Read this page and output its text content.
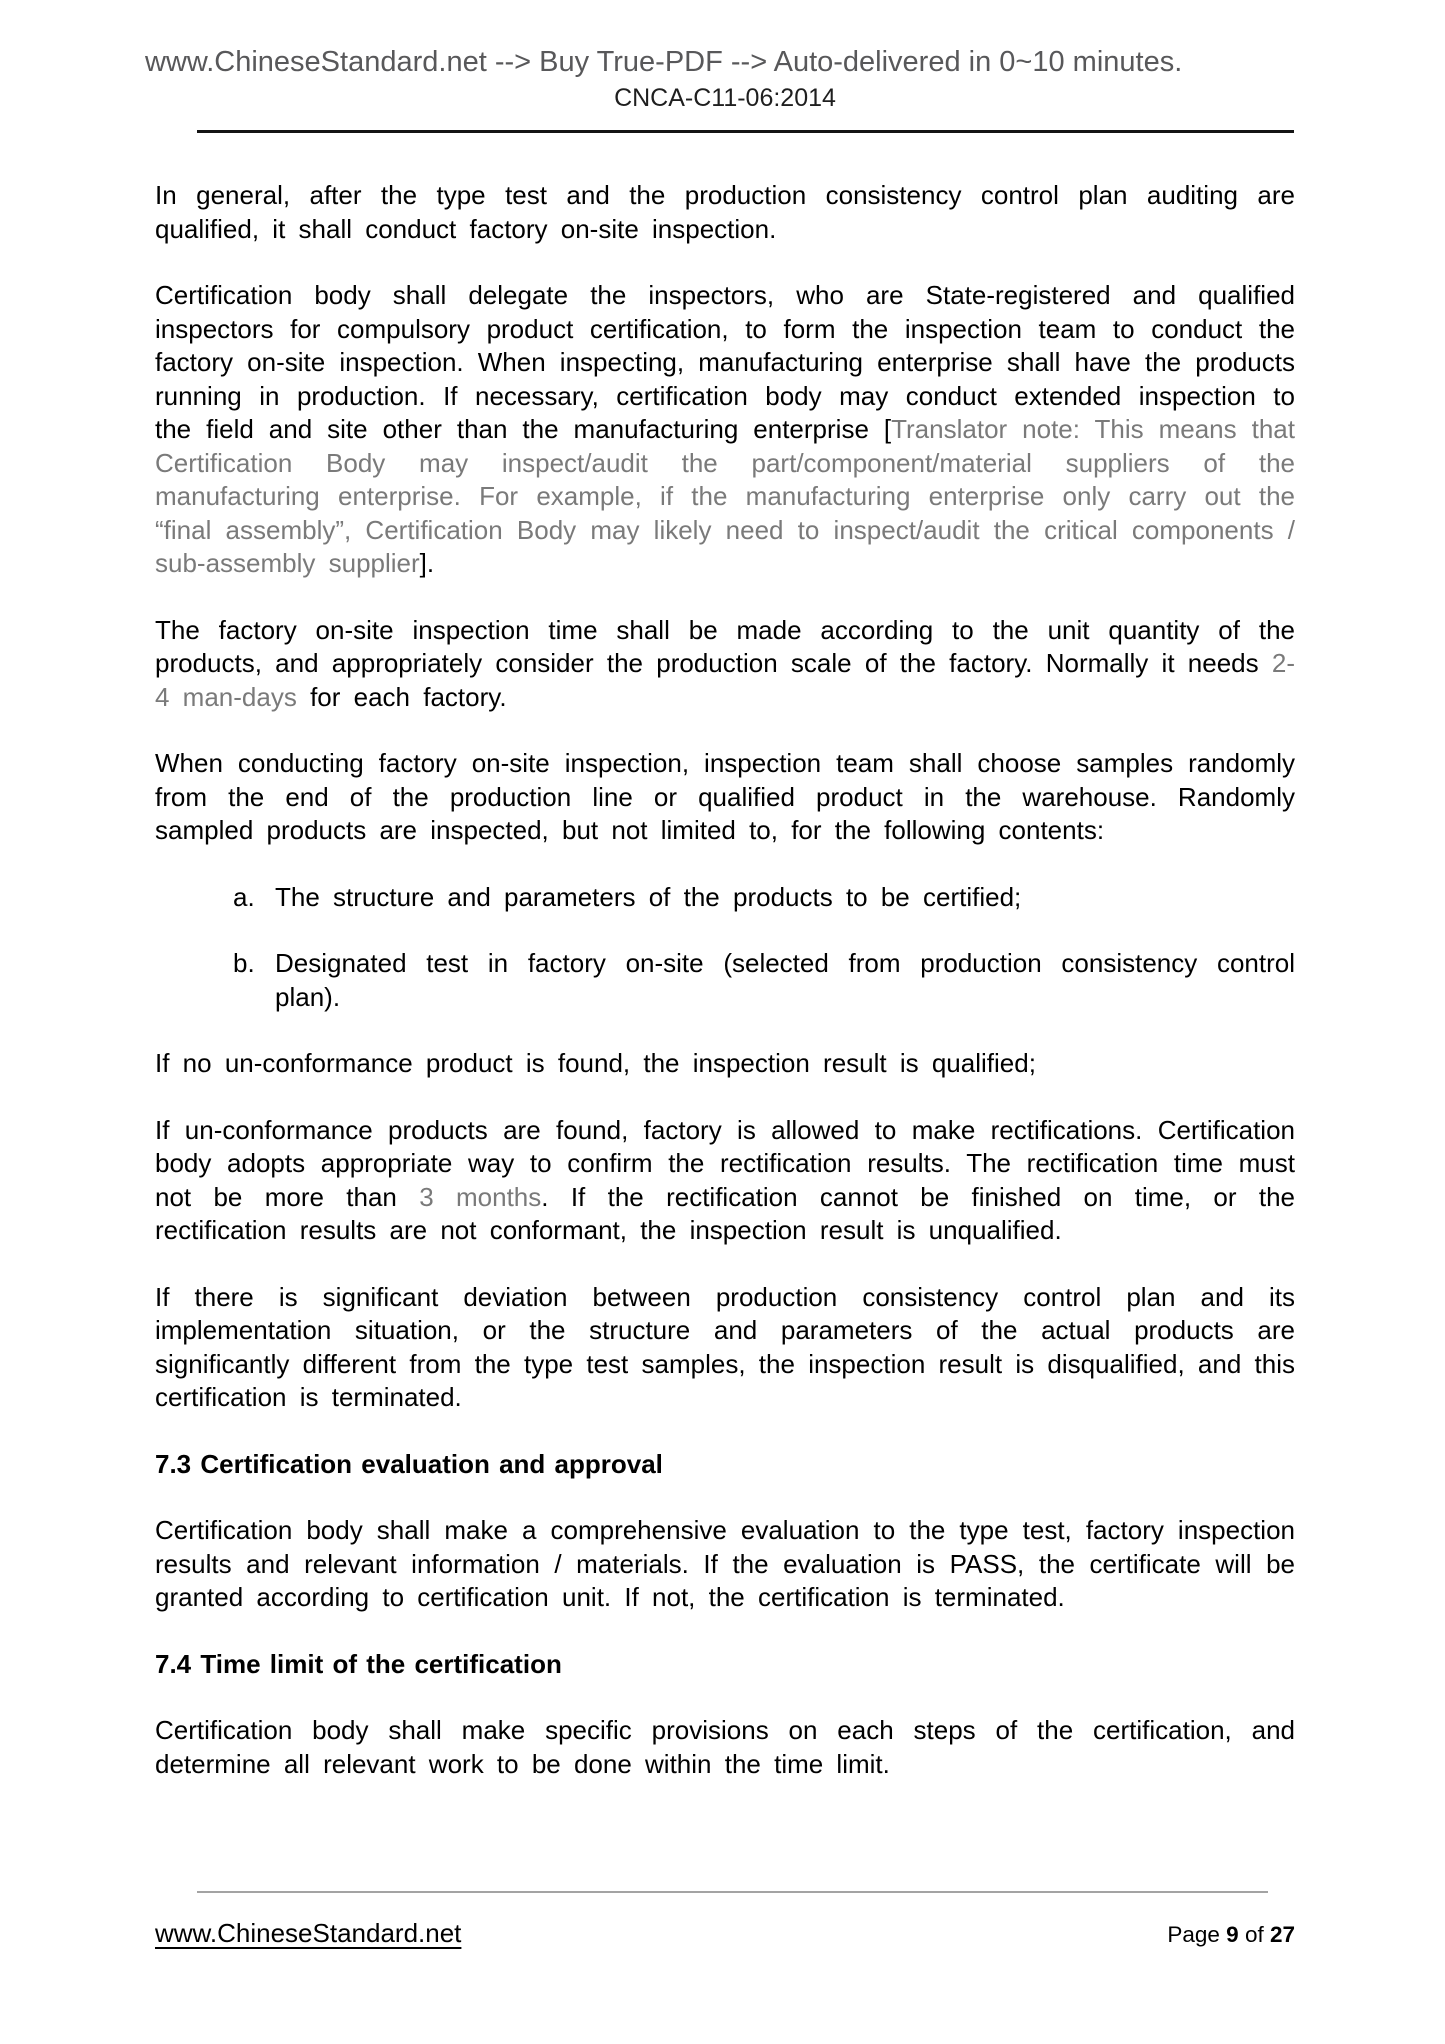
www.ChineseStandard.net --> Buy True-PDF --> Auto-delivered in 0~10 minutes.
CNCA-C11-06:2014

In general, after the type test and the production consistency control plan auditing are qualified, it shall conduct factory on-site inspection.

Certification body shall delegate the inspectors, who are State-registered and qualified inspectors for compulsory product certification, to form the inspection team to conduct the factory on-site inspection. When inspecting, manufacturing enterprise shall have the products running in production. If necessary, certification body may conduct extended inspection to the field and site other than the manufacturing enterprise [Translator note: This means that Certification Body may inspect/audit the part/component/material suppliers of the manufacturing enterprise. For example, if the manufacturing enterprise only carry out the “final assembly”, Certification Body may likely need to inspect/audit the critical components / sub-assembly supplier].

The factory on-site inspection time shall be made according to the unit quantity of the products, and appropriately consider the production scale of the factory. Normally it needs 2-4 man-days for each factory.

When conducting factory on-site inspection, inspection team shall choose samples randomly from the end of the production line or qualified product in the warehouse. Randomly sampled products are inspected, but not limited to, for the following contents:

a. The structure and parameters of the products to be certified;
b. Designated test in factory on-site (selected from production consistency control plan).

If no un-conformance product is found, the inspection result is qualified;

If un-conformance products are found, factory is allowed to make rectifications. Certification body adopts appropriate way to confirm the rectification results. The rectification time must not be more than 3 months. If the rectification cannot be finished on time, or the rectification results are not conformant, the inspection result is unqualified.

If there is significant deviation between production consistency control plan and its implementation situation, or the structure and parameters of the actual products are significantly different from the type test samples, the inspection result is disqualified, and this certification is terminated.

7.3 Certification evaluation and approval

Certification body shall make a comprehensive evaluation to the type test, factory inspection results and relevant information / materials. If the evaluation is PASS, the certificate will be granted according to certification unit. If not, the certification is terminated.

7.4 Time limit of the certification

Certification body shall make specific provisions on each steps of the certification, and determine all relevant work to be done within the time limit.

www.ChineseStandard.net	Page 9 of 27
